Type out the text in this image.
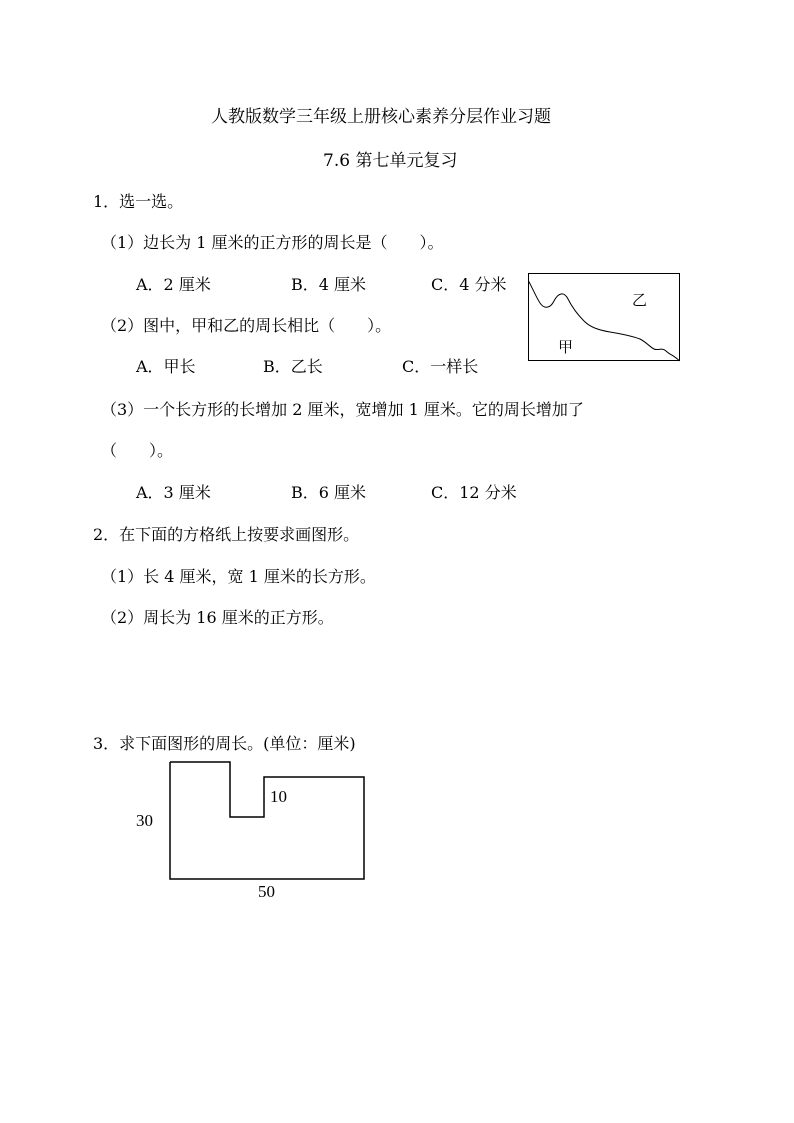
人教版数学三年级上册核心素养分层作业习题
7.6 第七单元复习
1．选一选。
（1）边长为 1 厘米的正方形的周长是（　　）。
A．2 厘米	B．4 厘米	C．4 分米
（2）图中，甲和乙的周长相比（　　）。
A．甲长	B．乙长	C．一样长
乙
甲
（3）一个长方形的长增加 2 厘米，宽增加 1 厘米。它的周长增加了
（　　）。
A．3 厘米	B．6 厘米	C．12 分米
2．在下面的方格纸上按要求画图形。
（1）长 4 厘米，宽 1 厘米的长方形。
（2）周长为 16 厘米的正方形。
3．求下面图形的周长。(单位：厘米)
30
50
10
